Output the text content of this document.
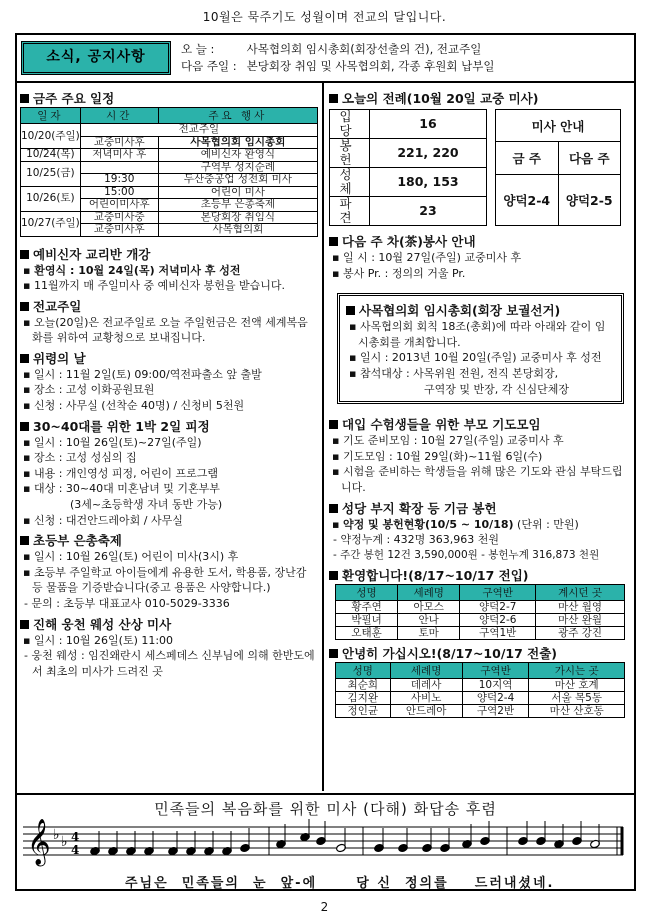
10월은 묵주기도 성월이며 전교의 달입니다.
소식, 공지사항	오 늘 :	사목협의회 임시총회(회장선출의 건), 전교주일
다음 주일 : 본당회장 취임 및 사목협의회, 각종 후원회 납부일
금주 주요 일정
일자	시간	주요 행사
10/20(주일)	전교주일	
	교중미사후	사목협의회 임시총회
10/24(목)	저녁미사 후	예비신자 환영식
10/25(금)		구역부 성지순례
	19:30	두산중공업 성전회 미사
10/26(토)	15:00	어린이 미사
	어린이미사후	초등부 은총축제
10/27(주일)	교중미사중	본당회장 취임식
	교중미사후	사목협의회
예비신자 교리반 개강
▪ 환영식 : 10월 24일(목) 저녁미사 후 성전
▪ 11월까지 매 주일미사 중 예비신자 봉헌을 받습니다.
전교주일
▪ 오늘(20일)은 전교주일로 오늘 주일헌금은 전액 세계복음화를 위하여 교황청으로 보내집니다.
위령의 날
▪ 일시 : 11월 2일(토) 09:00/역전파출소 앞 출발
▪ 장소 : 고성 이화공원묘원
▪ 신청 : 사무실 (선착순 40명) / 신청비 5천원
30~40대를 위한 1박 2일 피정
▪ 일시 : 10월 26일(토)~27일(주일)
▪ 장소 : 고성 성심의 집
▪ 내용 : 개인영성 피정, 어린이 프로그램
▪ 대상 : 30~40대 미혼남녀 및 기혼부부
(3세~초등학생 자녀 동반 가능)
▪ 신청 : 대건안드레아회 / 사무실
초등부 은총축제
▪ 일시 : 10월 26일(토) 어린이 미사(3시) 후
▪ 초등부 주일학교 아이들에게 유용한 도서, 학용품, 장난감 등 물품을 기증받습니다(중고 용품은 사양합니다.)
- 문의 : 초등부 대표교사 010-5029-3336
진해 웅천 웨성 산상 미사
▪ 일시 : 10월 26일(토) 11:00
- 웅천 웨성 : 임진왜란시 세스페데스 신부님에 의해 한반도에서 최초의 미사가 드려진 곳
오늘의 전례(10월 20일 교중 미사)
입당	16
봉헌	221, 220
성체	180, 153
파견	23
미사 안내	
금 주	다음 주
양덕2-4	양덕2-5
다음 주 차(茶)봉사 안내
▪ 일 시 : 10월 27일(주일) 교중미사 후
▪ 봉사 Pr. : 정의의 거울 Pr.
사목협의회 임시총회(회장 보궐선거)
▪ 사목협의회 회칙 18조(총회)에 따라 아래와 같이 임시총회를 개최합니다.
▪ 일시 : 2013년 10월 20일(주일) 교중미사 후 성전
▪ 참석대상 : 사목위원 전원, 전직 본당회장,
구역장 및 반장, 각 신심단체장
대입 수험생들을 위한 부모 기도모임
▪ 기도 준비모임 : 10월 27일(주일) 교중미사 후
▪ 기도모임 : 10월 29일(화)~11월 6일(수)
▪ 시험을 준비하는 학생들을 위해 많은 기도와 관심 부탁드립니다.
성당 부지 확장 등 기금 봉헌
▪ 약정 및 봉헌현황(10/5 ~ 10/18) (단위 : 만원)
- 약정누계 : 432명 363,963 천원
- 주간 봉헌 12건 3,590,000원 - 봉헌누계 316,873 천원
환영합니다!(8/17~10/17 전입)
성명	세례명	구역반	계시던 곳
황주연	아모스	양덕2-7	마산 월영
박필녀	안나	양덕2-6	마산 완월
오태훈	토마	구역1반	광주 강진
안녕히 가십시오!(8/17~10/17 전출)
성명	세례명	구역반	가시는 곳
최순희	데레사	10지역	마산 호계
김지완	사비노	양덕2-4	서울 목5동
정인균	안드레아	구역2반	마산 산호동
민족들의 복음화를 위한 미사 (다해) 화답송 후렴
𝄞 ♭ ♭ 4
4
주님은  민족들의  눈  앞-에      당 신  정의를    드러내셨네.
2
